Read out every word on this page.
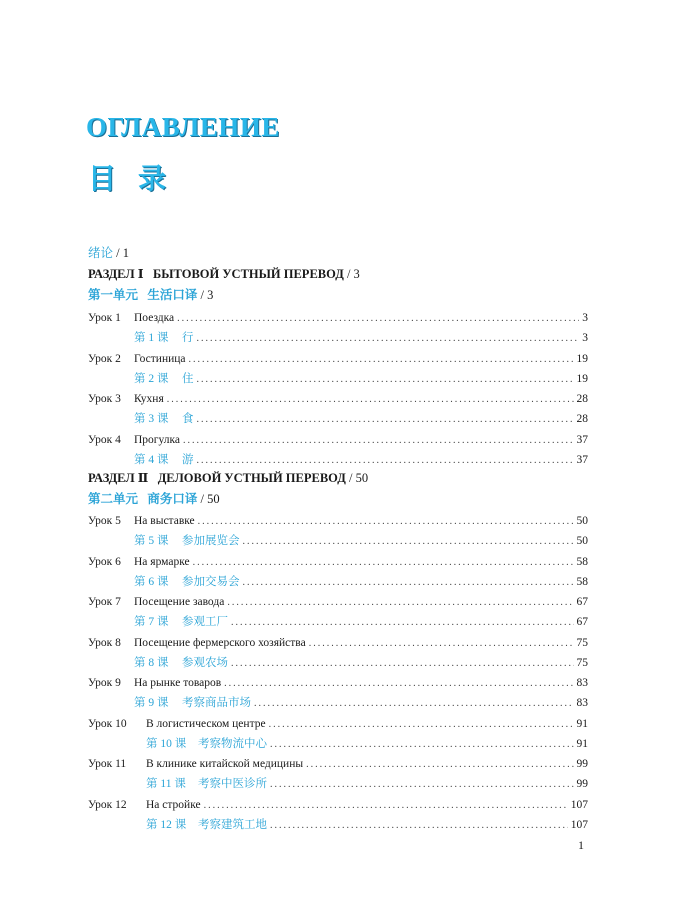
ОГЛАВЛЕНИЕ
目录
绪论 / 1
РАЗДЕЛ Ⅰ   БЫТОВОЙ УСТНЫЙ ПЕРЕВОД / 3
第一单元   生活口译 / 3
Урок 1 Поездка .....	3
第 1 课 行 .....	3
Урок 2 Гостиница .....	19
第 2 课 住 .....	19
Урок 3 Кухня .....	28
第 3 课 食 .....	28
Урок 4 Прогулка .....	37
第 4 课 游 .....	37
РАЗДЕЛ Ⅱ   ДЕЛОВОЙ УСТНЫЙ ПЕРЕВОД / 50
第二单元   商务口译 / 50
Урок 5 На выставке .....	50
第 5 课 参加展览会 .....	50
Урок 6 На ярмарке .....	58
第 6 课 参加交易会 .....	58
Урок 7 Посещение завода .....	67
第 7 课 参观工厂 .....	67
Урок 8 Посещение фермерского хозяйства .....	75
第 8 课 参观农场 .....	75
Урок 9 На рынке товаров .....	83
第 9 课 考察商品市场 .....	83
Урок 10 В логистическом центре .....	91
第 10 课 考察物流中心 .....	91
Урок 11 В клинике китайской медицины .....	99
第 11 课 考察中医诊所 .....	99
Урок 12 На стройке .....	107
第 12 课 考察建筑工地 .....	107
1
